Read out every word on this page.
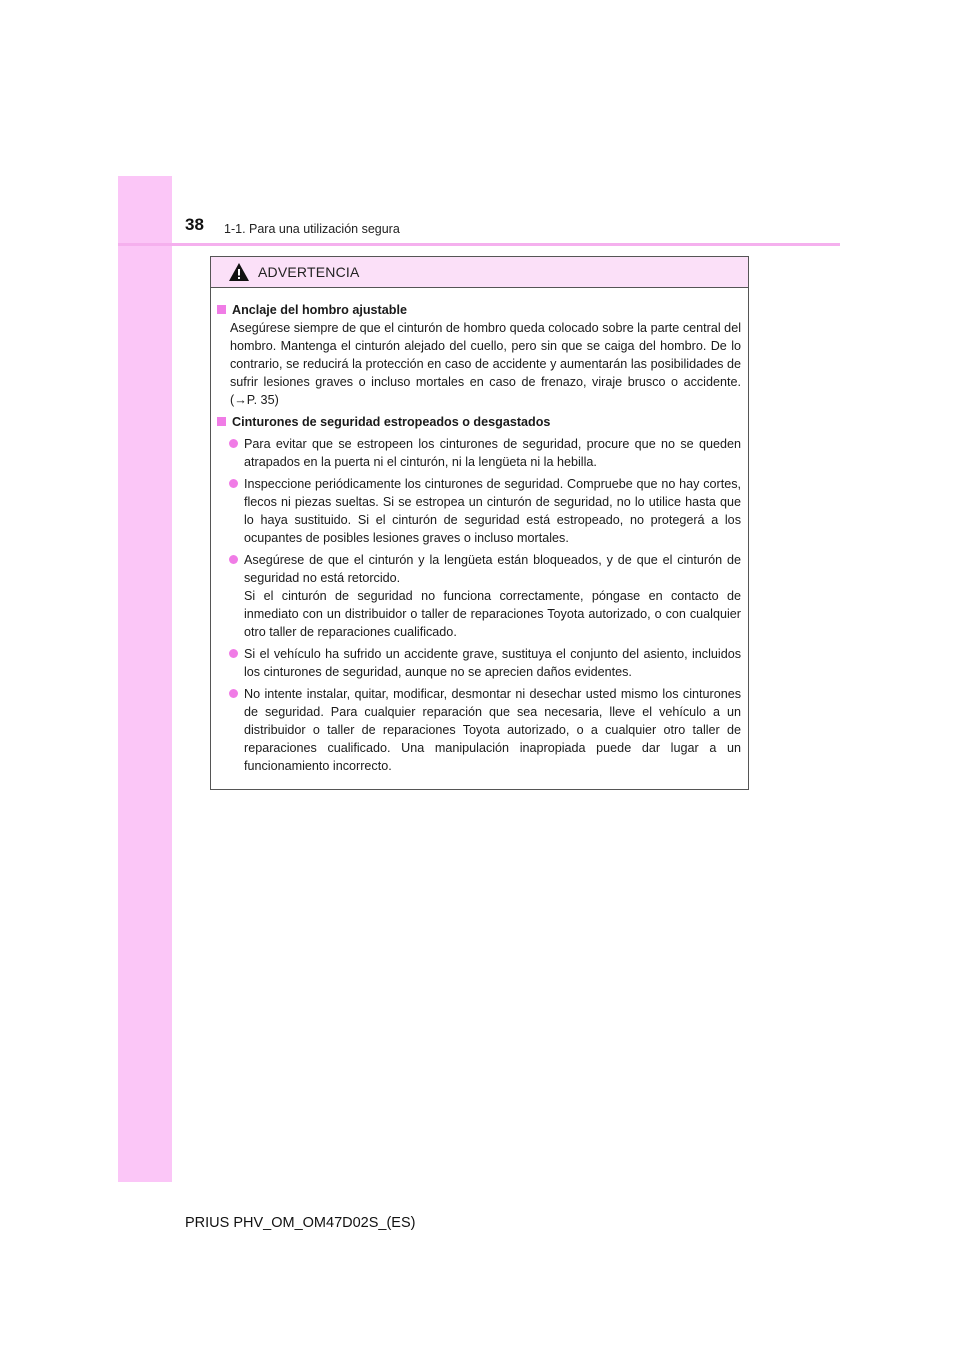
38 1-1. Para una utilización segura
ADVERTENCIA
Anclaje del hombro ajustable
Asegúrese siempre de que el cinturón de hombro queda colocado sobre la parte central del hombro. Mantenga el cinturón alejado del cuello, pero sin que se caiga del hombro. De lo contrario, se reducirá la protección en caso de accidente y aumentarán las posibilidades de sufrir lesiones graves o incluso mortales en caso de frenazo, viraje brusco o accidente. (→P. 35)
Cinturones de seguridad estropeados o desgastados
Para evitar que se estropeen los cinturones de seguridad, procure que no se queden atrapados en la puerta ni el cinturón, ni la lengüeta ni la hebilla.
Inspeccione periódicamente los cinturones de seguridad. Compruebe que no hay cortes, flecos ni piezas sueltas. Si se estropea un cinturón de seguridad, no lo utilice hasta que lo haya sustituido. Si el cinturón de seguridad está estropeado, no protegerá a los ocupantes de posibles lesiones graves o incluso mortales.
Asegúrese de que el cinturón y la lengüeta están bloqueados, y de que el cinturón de seguridad no está retorcido.
Si el cinturón de seguridad no funciona correctamente, póngase en contacto de inmediato con un distribuidor o taller de reparaciones Toyota autorizado, o con cualquier otro taller de reparaciones cualificado.
Si el vehículo ha sufrido un accidente grave, sustituya el conjunto del asiento, incluidos los cinturones de seguridad, aunque no se aprecien daños evidentes.
No intente instalar, quitar, modificar, desmontar ni desechar usted mismo los cinturones de seguridad. Para cualquier reparación que sea necesaria, lleve el vehículo a un distribuidor o taller de reparaciones Toyota autorizado, o a cualquier otro taller de reparaciones cualificado. Una manipulación inapropiada puede dar lugar a un funcionamiento incorrecto.
PRIUS PHV_OM_OM47D02S_(ES)
